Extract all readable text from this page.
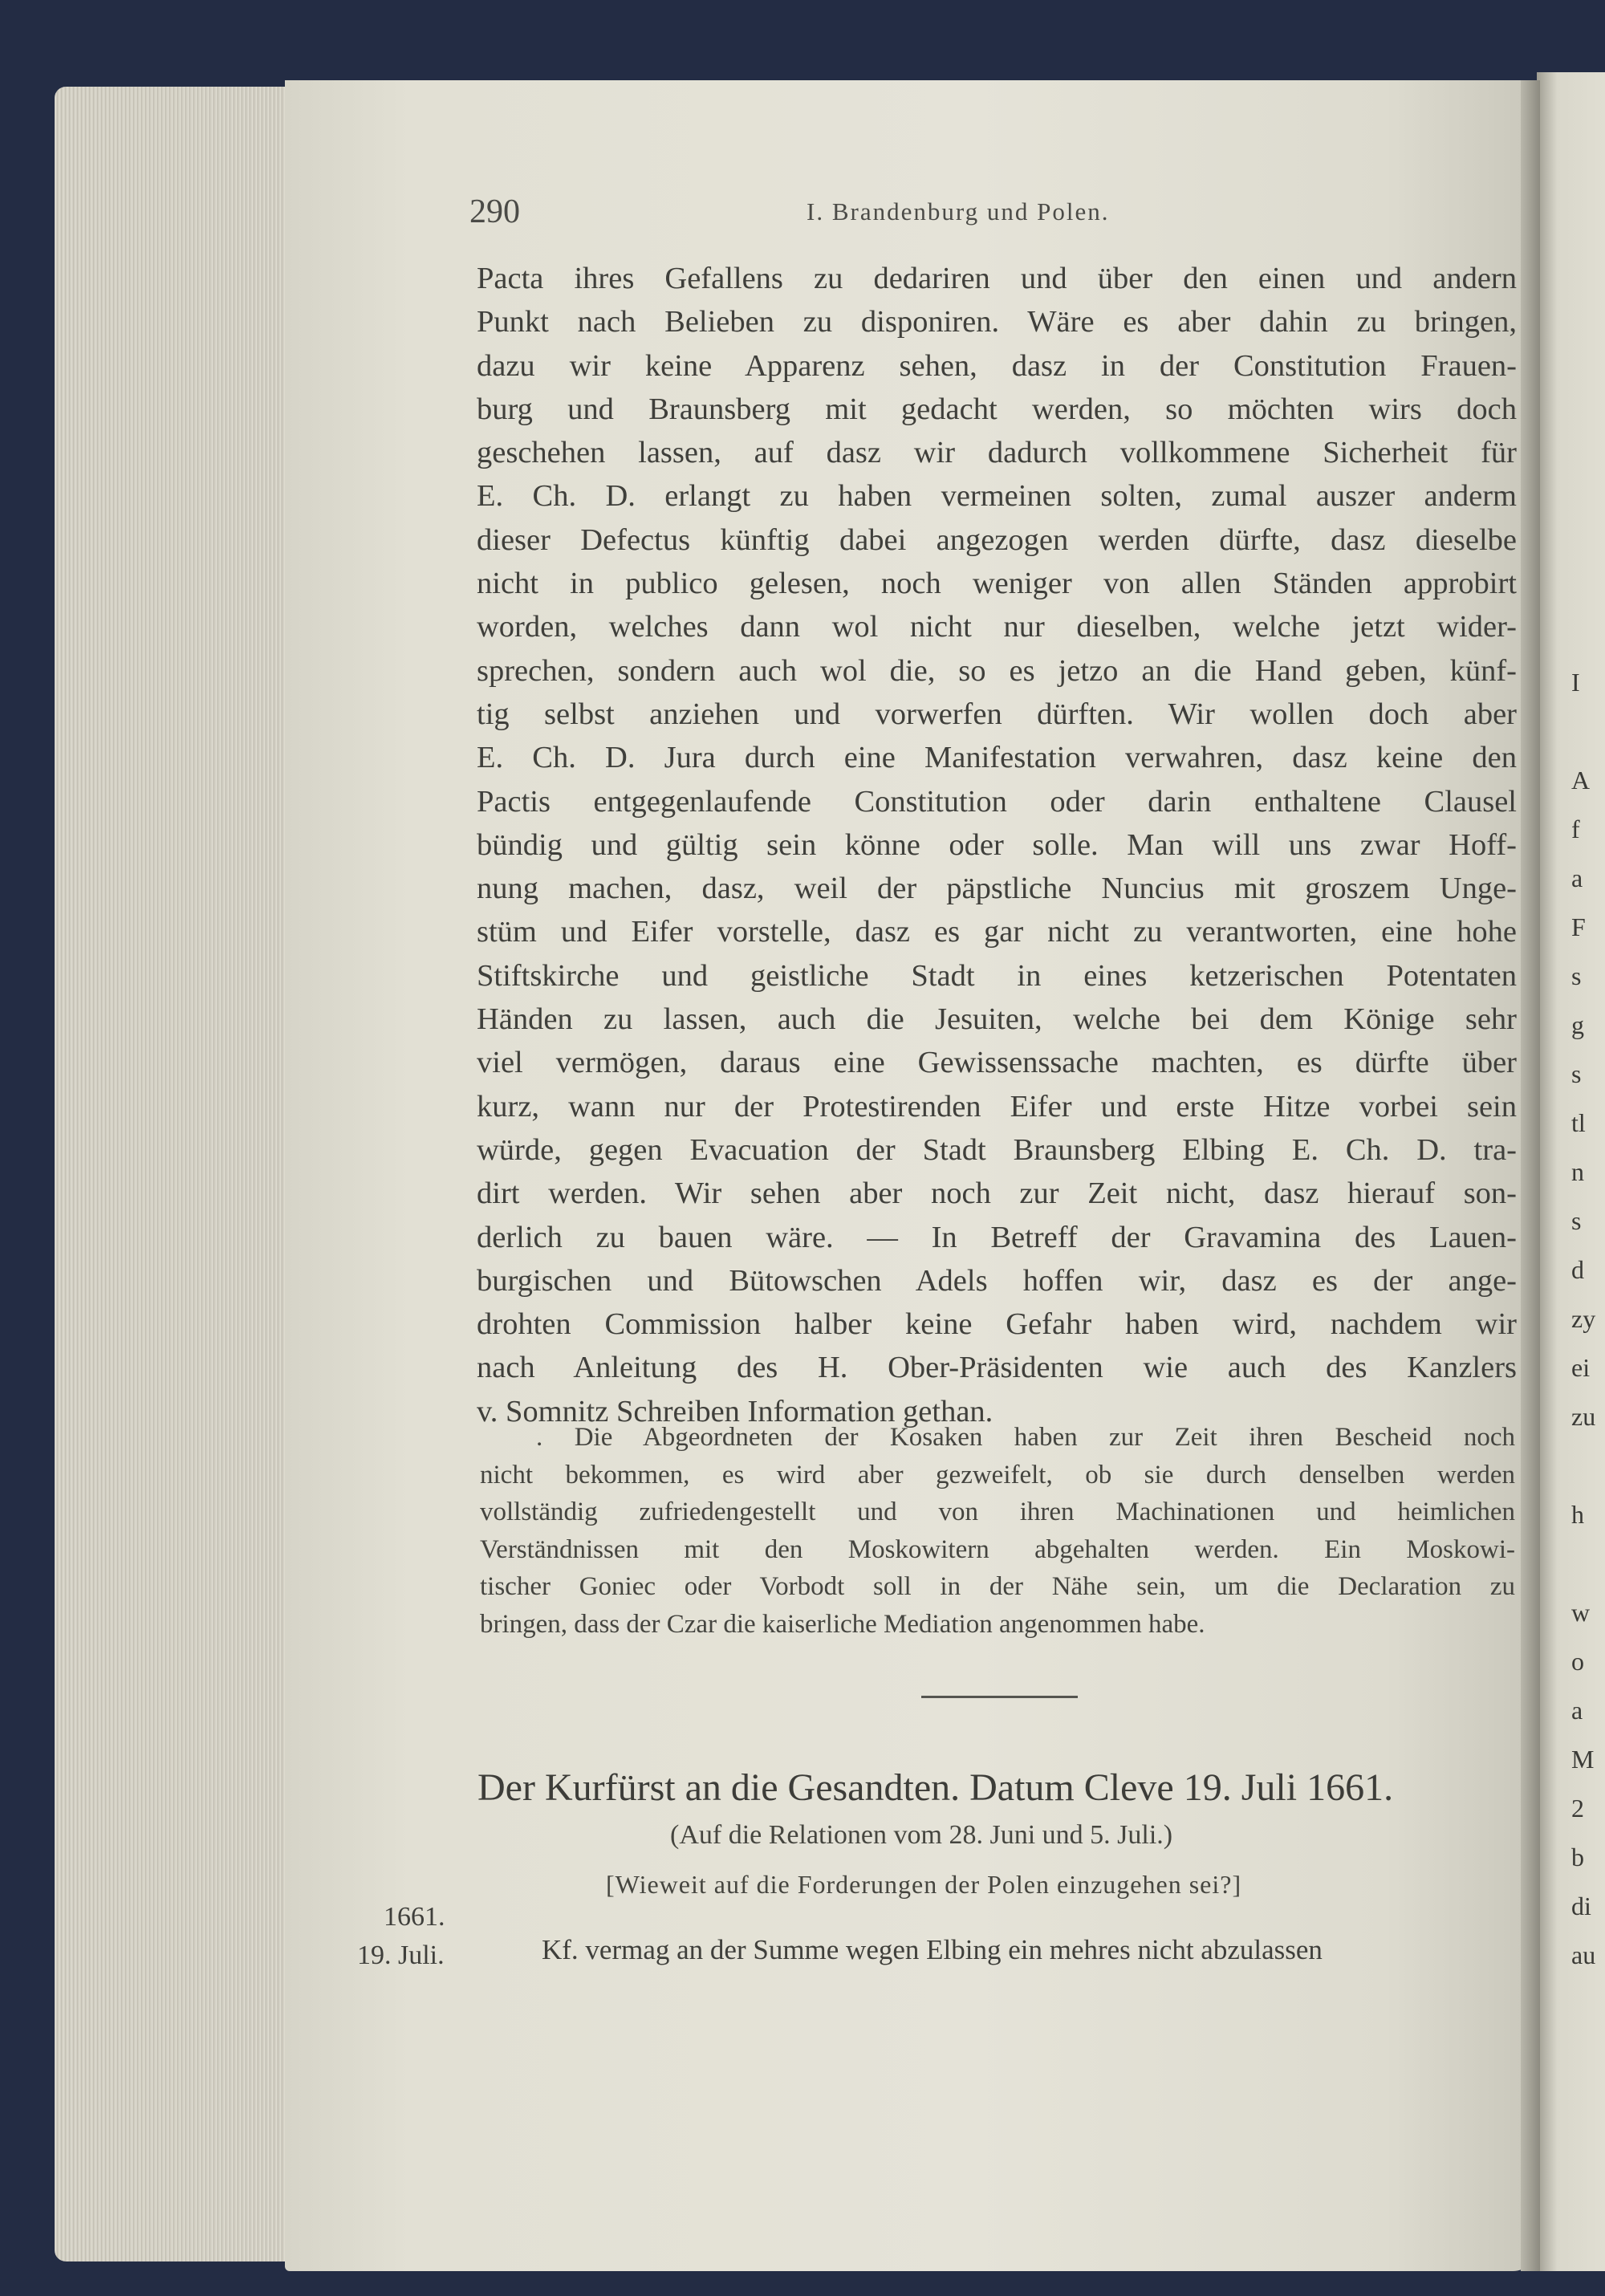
I
A
f
a
F
s
g
s
tl
n
s
d
zy
ei
zu
h
w
o
a
M
2
b
di
au
290	I. Brandenburg und Polen.
Pacta ihres Gefallens zu dedariren und über den einen und andern
Punkt nach Belieben zu disponiren. Wäre es aber dahin zu bringen,
dazu wir keine Apparenz sehen, dasz in der Constitution Frauen-
burg und Braunsberg mit gedacht werden, so möchten wirs doch
geschehen lassen, auf dasz wir dadurch vollkommene Sicherheit für
E. Ch. D. erlangt zu haben vermeinen solten, zumal auszer anderm
dieser Defectus künftig dabei angezogen werden dürfte, dasz dieselbe
nicht in publico gelesen, noch weniger von allen Ständen approbirt
worden, welches dann wol nicht nur dieselben, welche jetzt wider-
sprechen, sondern auch wol die, so es jetzo an die Hand geben, künf-
tig selbst anziehen und vorwerfen dürften. Wir wollen doch aber
E. Ch. D. Jura durch eine Manifestation verwahren, dasz keine den
Pactis entgegenlaufende Constitution oder darin enthaltene Clausel
bündig und gültig sein könne oder solle. Man will uns zwar Hoff-
nung machen, dasz, weil der päpstliche Nuncius mit groszem Unge-
stüm und Eifer vorstelle, dasz es gar nicht zu verantworten, eine hohe
Stiftskirche und geistliche Stadt in eines ketzerischen Potentaten
Händen zu lassen, auch die Jesuiten, welche bei dem Könige sehr
viel vermögen, daraus eine Gewissenssache machten, es dürfte über
kurz, wann nur der Protestirenden Eifer und erste Hitze vorbei sein
würde, gegen Evacuation der Stadt Braunsberg Elbing E. Ch. D. tra-
dirt werden. Wir sehen aber noch zur Zeit nicht, dasz hierauf son-
derlich zu bauen wäre. — In Betreff der Gravamina des Lauen-
burgischen und Bütowschen Adels hoffen wir, dasz es der ange-
drohten Commission halber keine Gefahr haben wird, nachdem wir
nach Anleitung des H. Ober-Präsidenten wie auch des Kanzlers
v. Somnitz Schreiben Information gethan.
. Die Abgeordneten der Kosaken haben zur Zeit ihren Bescheid noch
nicht bekommen, es wird aber gezweifelt, ob sie durch denselben werden
vollständig zufriedengestellt und von ihren Machinationen und heimlichen
Verständnissen mit den Moskowitern abgehalten werden. Ein Moskowi-
tischer Goniec oder Vorbodt soll in der Nähe sein, um die Declaration zu
bringen, dass der Czar die kaiserliche Mediation angenommen habe.
Der Kurfürst an die Gesandten. Datum Cleve 19. Juli 1661.
(Auf die Relationen vom 28. Juni und 5. Juli.)
[Wieweit auf die Forderungen der Polen einzugehen sei?]
1661.
19. Juli.	Kf. vermag an der Summe wegen Elbing ein mehres nicht abzulassen
